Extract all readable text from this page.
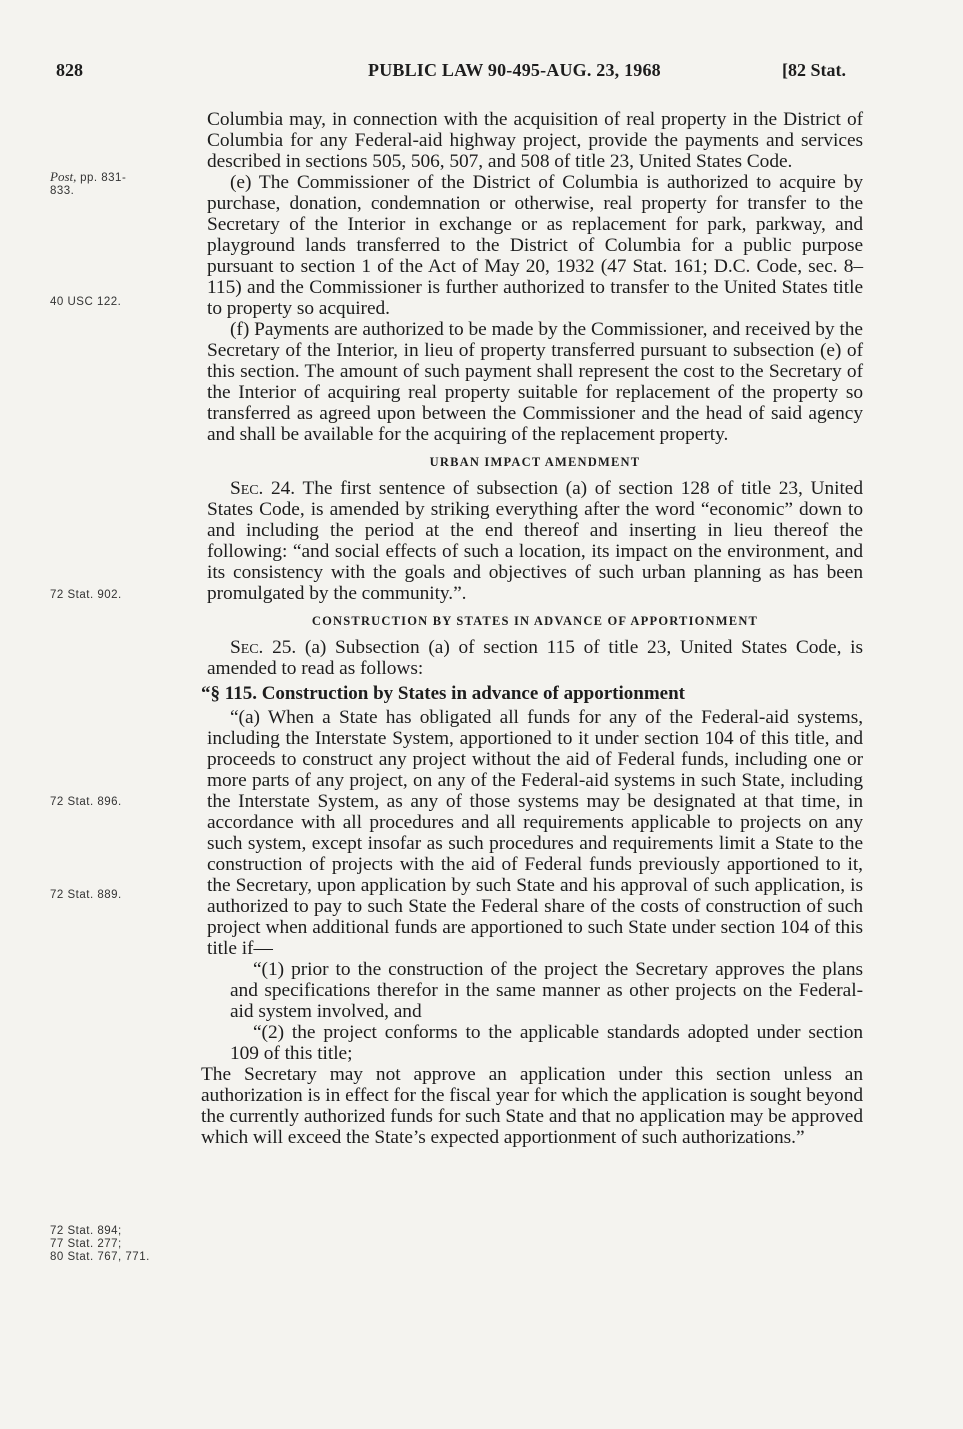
828	PUBLIC LAW 90-495-AUG. 23, 1968	[82 Stat.
Post, pp. 831-
833.
40 USC 122.
72 Stat. 902.
72 Stat. 896.
72 Stat. 889.
72 Stat. 894;
77 Stat. 277;
80 Stat. 767, 771.

Columbia may, in connection with the acquisition of real property in the District of Columbia for any Federal-aid highway project, provide the payments and services described in sections 505, 506, 507, and 508 of title 23, United States Code.

(e) The Commissioner of the District of Columbia is authorized to acquire by purchase, donation, condemnation or otherwise, real property for transfer to the Secretary of the Interior in exchange or as replacement for park, parkway, and playground lands transferred to the District of Columbia for a public purpose pursuant to section 1 of the Act of May 20, 1932 (47 Stat. 161; D.C. Code, sec. 8–115) and the Commissioner is further authorized to transfer to the United States title to property so acquired.

(f) Payments are authorized to be made by the Commissioner, and received by the Secretary of the Interior, in lieu of property transferred pursuant to subsection (e) of this section. The amount of such payment shall represent the cost to the Secretary of the Interior of acquiring real property suitable for replacement of the property so transferred as agreed upon between the Commissioner and the head of said agency and shall be available for the acquiring of the replacement property.

URBAN IMPACT AMENDMENT

Sec. 24. The first sentence of subsection (a) of section 128 of title 23, United States Code, is amended by striking everything after the word “economic” down to and including the period at the end thereof and inserting in lieu thereof the following: “and social effects of such a location, its impact on the environment, and its consistency with the goals and objectives of such urban planning as has been promulgated by the community.”.

CONSTRUCTION BY STATES IN ADVANCE OF APPORTIONMENT

Sec. 25. (a) Subsection (a) of section 115 of title 23, United States Code, is amended to read as follows:

“§ 115. Construction by States in advance of apportionment

“(a) When a State has obligated all funds for any of the Federal-aid systems, including the Interstate System, apportioned to it under section 104 of this title, and proceeds to construct any project without the aid of Federal funds, including one or more parts of any project, on any of the Federal-aid systems in such State, including the Interstate System, as any of those systems may be designated at that time, in accordance with all procedures and all requirements applicable to projects on any such system, except insofar as such procedures and requirements limit a State to the construction of projects with the aid of Federal funds previously apportioned to it, the Secretary, upon application by such State and his approval of such application, is authorized to pay to such State the Federal share of the costs of construction of such project when additional funds are apportioned to such State under section 104 of this title if—

“(1) prior to the construction of the project the Secretary approves the plans and specifications therefor in the same manner as other projects on the Federal-aid system involved, and

“(2) the project conforms to the applicable standards adopted under section 109 of this title;

The Secretary may not approve an application under this section unless an authorization is in effect for the fiscal year for which the application is sought beyond the currently authorized funds for such State and that no application may be approved which will exceed the State’s expected apportionment of such authorizations.”
